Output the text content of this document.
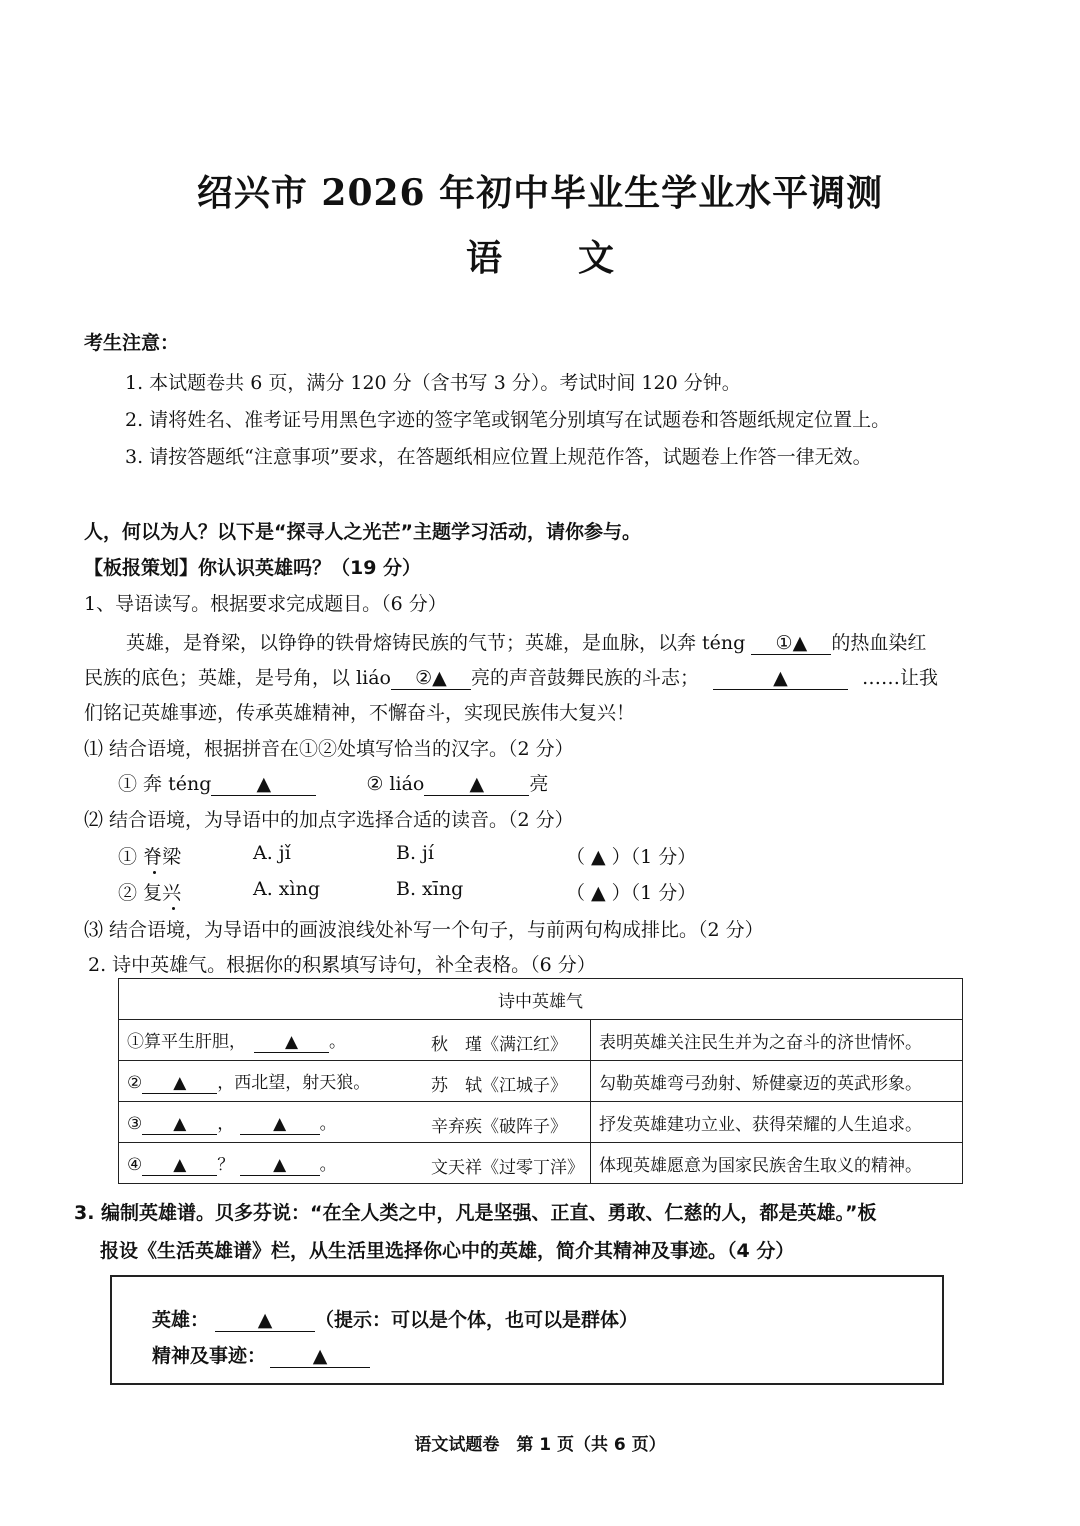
绍兴市 2026 年初中毕业生学业水平调测
语 文
考生注意：
1. 本试题卷共 6 页，满分 120 分（含书写 3 分）。考试时间 120 分钟。
2. 请将姓名、准考证号用黑色字迹的签字笔或钢笔分别填写在试题卷和答题纸规定位置上。
3. 请按答题纸“注意事项”要求，在答题纸相应位置上规范作答，试题卷上作答一律无效。
人，何以为人？以下是“探寻人之光芒”主题学习活动，请你参与。
【板报策划】你认识英雄吗？（19 分）
1、导语读写。根据要求完成题目。（6 分）
英雄，是脊梁，以铮铮的铁骨熔铸民族的气节；英雄，是血脉，以奔 téng ①▲ 的热血染红
民族的底色；英雄，是号角，以 liáo ②▲ 亮的声音鼓舞民族的斗志；	▲	……让我
们铭记英雄事迹，传承英雄精神，不懈奋斗，实现民族伟大复兴！
⑴ 结合语境，根据拼音在①②处填写恰当的汉字。（2 分）
① 奔 téng ▲	② liáo ▲ 亮
⑵ 结合语境，为导语中的加点字选择合适的读音。（2 分）
① 脊梁	A. jǐ	B. jí	（ ▲ ）（1 分）
② 复兴	A. xìng	B. xīng	（ ▲ ）（1 分）
⑶ 结合语境，为导语中的画波浪线处补写一个句子，与前两句构成排比。（2 分）
2. 诗中英雄气。根据你的积累填写诗句，补全表格。（6 分）
诗中英雄气	
①算平生肝胆， ▲ 。 秋　瑾《满江红》	表明英雄关注民生并为之奋斗的济世情怀。
② ▲ ，西北望，射天狼。 苏　轼《江城子》	勾勒英雄弯弓劲射、矫健豪迈的英武形象。
③ ▲ ， ▲ 。 辛弃疾《破阵子》	抒发英雄建功立业、获得荣耀的人生追求。
④ ▲ ？ ▲ 。 文天祥《过零丁洋》	体现英雄愿意为国家民族舍生取义的精神。
3. 编制英雄谱。贝多芬说：“在全人类之中，凡是坚强、正直、勇敢、仁慈的人，都是英雄。”板
报设《生活英雄谱》栏，从生活里选择你心中的英雄，简介其精神及事迹。（4 分）
英雄：	▲ （提示：可以是个体，也可以是群体）
精神及事迹： ▲
语文试题卷　第 1 页（共 6 页）
